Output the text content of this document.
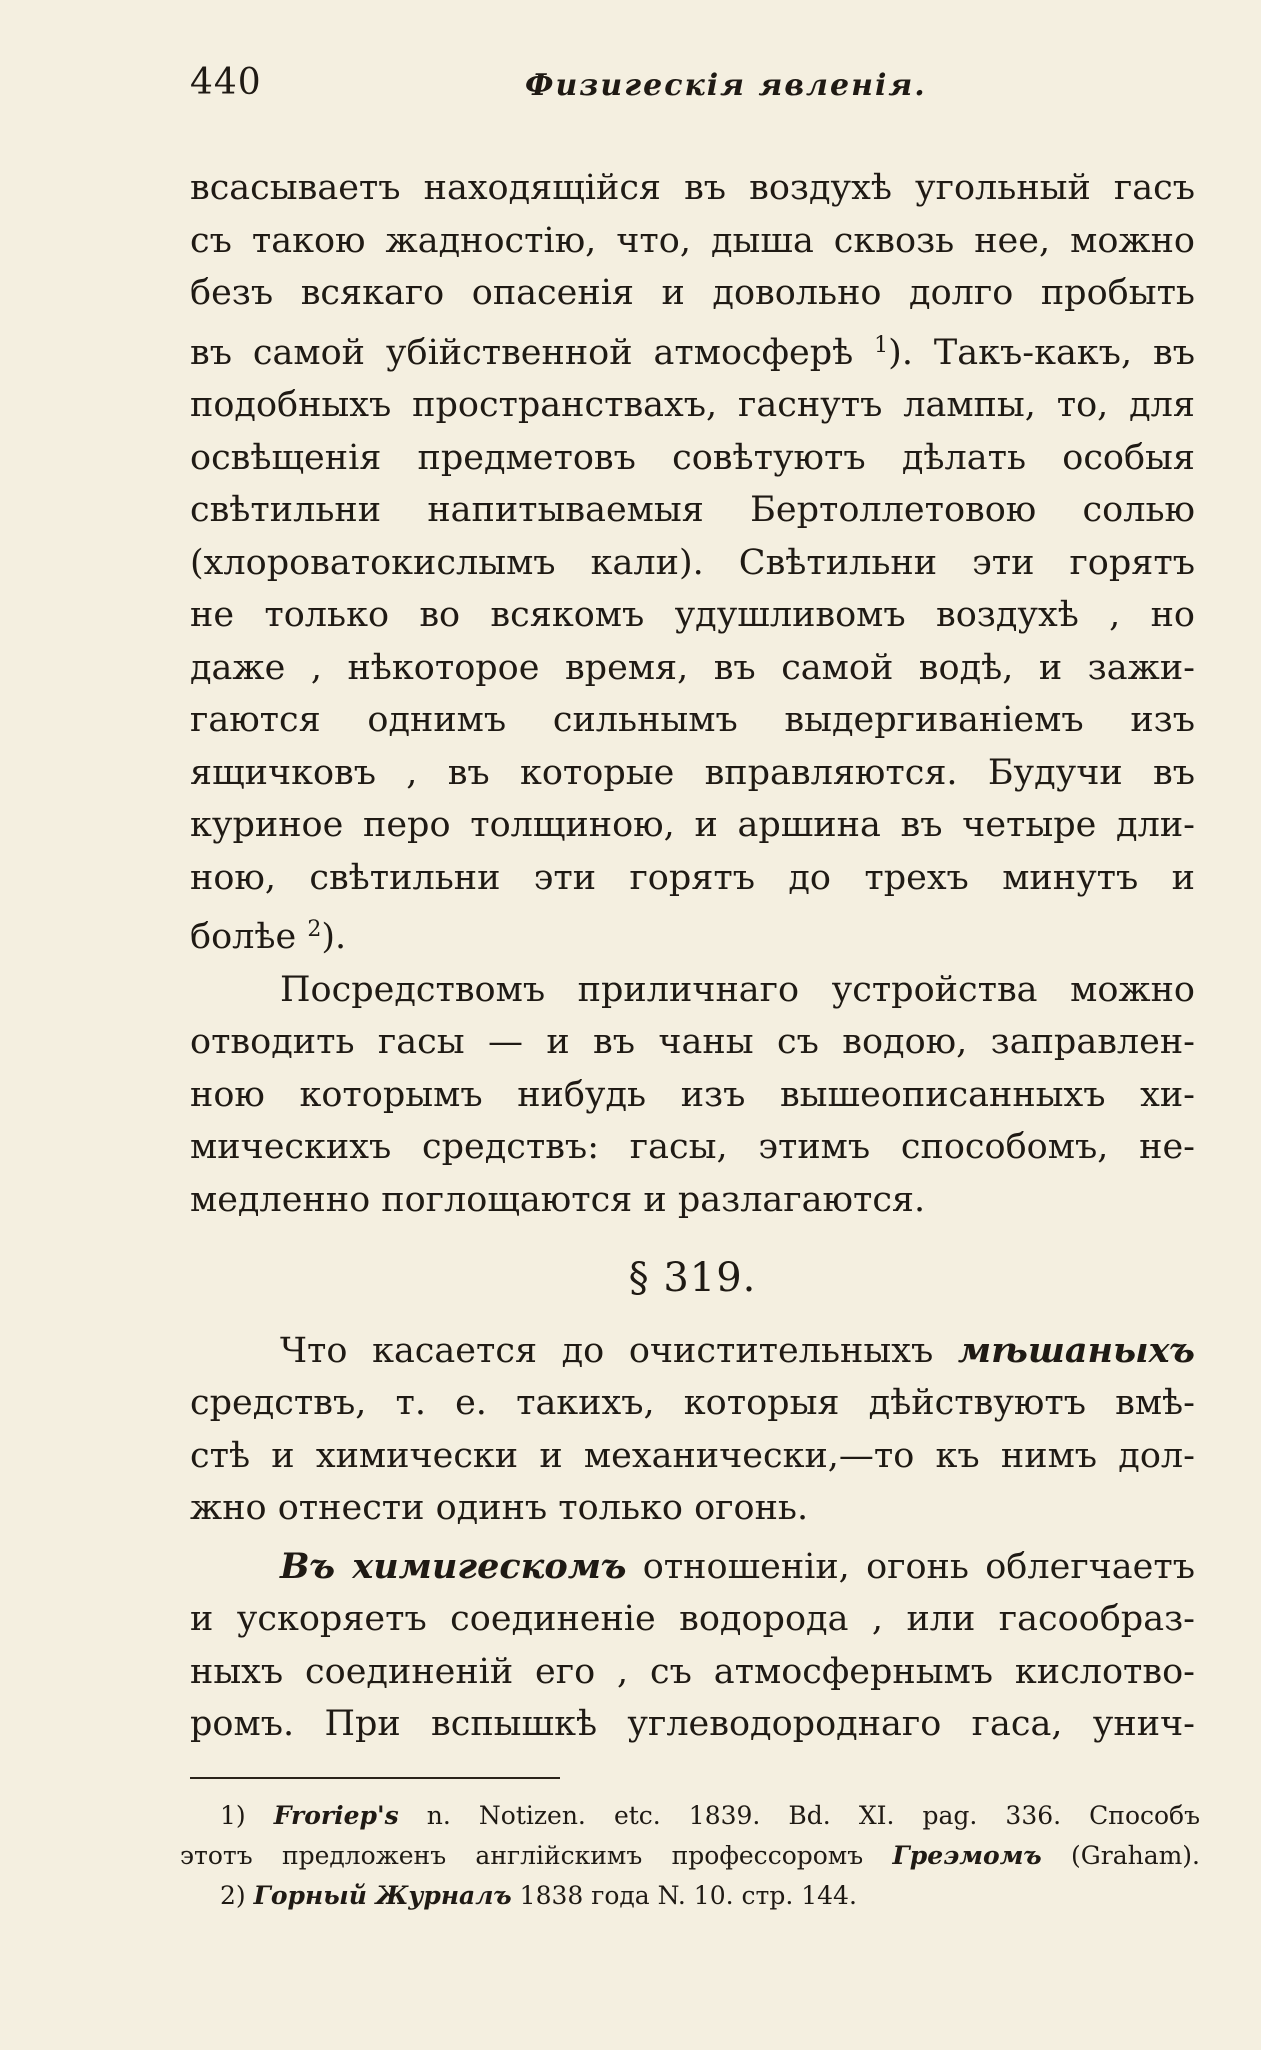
440	Физигескія явленія.
всасываетъ находящійся въ воздухѣ угольный гасъ
съ такою жадностію, что, дыша сквозь нее, можно
безъ всякаго опасенія и довольно долго пробыть
въ самой убійственной атмосферѣ $^1$). Такъ-какъ, въ
подобныхъ пространствахъ, гаснутъ лампы, то, для
освѣщенія предметовъ совѣтуютъ дѣлать особыя
свѣтильни напитываемыя Бертоллетовою солью
(хлороватокислымъ кали). Свѣтильни эти горятъ
не только во всякомъ удушливомъ воздухѣ , но
даже , нѣкоторое время, въ самой водѣ, и зажи-
гаются однимъ сильнымъ выдергиваніемъ изъ
ящичковъ , въ которые вправляются. Будучи въ
куриное перо толщиною, и аршина въ четыре дли-
ною, свѣтильни эти горятъ до трехъ минутъ и
болѣе $^2$).
Посредствомъ приличнаго устройства можно
отводить гасы — и въ чаны съ водою, заправлен-
ною которымъ нибудь изъ вышеописанныхъ хи-
мическихъ средствъ: гасы, этимъ способомъ, не-
медленно поглощаются и разлагаются.
§ 319.
Что касается до очистительныхъ мѣшаныхъ
средствъ, т. е. такихъ, которыя дѣйствуютъ вмѣ-
стѣ и химически и механически,—то къ нимъ дол-
жно отнести одинъ только огонь.
Въ химигескомъ отношеніи, огонь облегчаетъ
и ускоряетъ соединеніе водорода , или гасообраз-
ныхъ соединеній его , съ атмосфернымъ кислотво-
ромъ. При вспышкѣ углеводороднаго гаса, унич-
1) Froriep's n. Notizen. etc. 1839. Bd. XI. pag. 336. Способъ
этотъ предложенъ англійскимъ профессоромъ Греэмомъ (Graham).
2) Горный Журналъ 1838 года N. 10. стр. 144.
